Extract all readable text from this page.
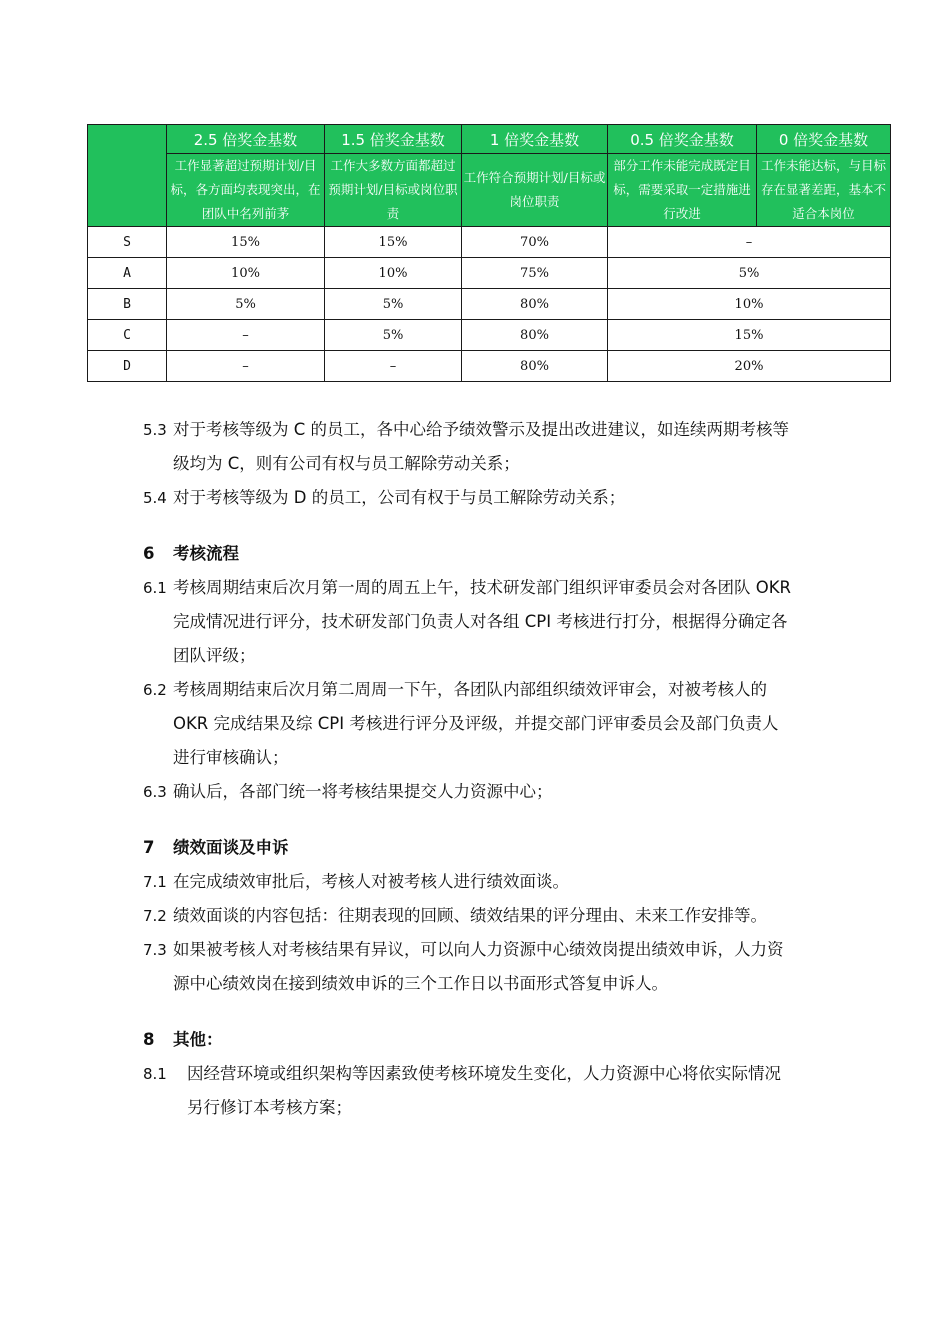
	2.5 倍奖金基数	1.5 倍奖金基数	1 倍奖金基数	0.5 倍奖金基数	0 倍奖金基数
	工作显著超过预期计划/目标，各方面均表现突出，在团队中名列前茅	工作大多数方面都超过预期计划/目标或岗位职责	工作符合预期计划/目标或岗位职责	部分工作未能完成既定目标，需要采取一定措施进行改进	工作未能达标，与目标存在显著差距，基本不适合本岗位
S	15%	15%	70%	–	
A	10%	10%	75%	5%	
B	5%	5%	80%	10%	
C	–	5%	80%	15%	
D	–	–	80%	20%	
5.3 对于考核等级为 C 的员工，各中心给予绩效警示及提出改进建议，如连续两期考核等级均为 C，则有公司有权与员工解除劳动关系；
5.4 对于考核等级为 D 的员工，公司有权于与员工解除劳动关系；
6 考核流程
6.1 考核周期结束后次月第一周的周五上午，技术研发部门组织评审委员会对各团队 OKR 完成情况进行评分，技术研发部门负责人对各组 CPI 考核进行打分，根据得分确定各团队评级；
6.2 考核周期结束后次月第二周周一下午，各团队内部组织绩效评审会，对被考核人的 OKR 完成结果及综 CPI 考核进行评分及评级，并提交部门评审委员会及部门负责人进行审核确认；
6.3 确认后，各部门统一将考核结果提交人力资源中心；
7 绩效面谈及申诉
7.1 在完成绩效审批后，考核人对被考核人进行绩效面谈。
7.2 绩效面谈的内容包括：往期表现的回顾、绩效结果的评分理由、未来工作安排等。
7.3 如果被考核人对考核结果有异议，可以向人力资源中心绩效岗提出绩效申诉，人力资源中心绩效岗在接到绩效申诉的三个工作日以书面形式答复申诉人。
8 其他：
8.1 因经营环境或组织架构等因素致使考核环境发生变化，人力资源中心将依实际情况另行修订本考核方案；
